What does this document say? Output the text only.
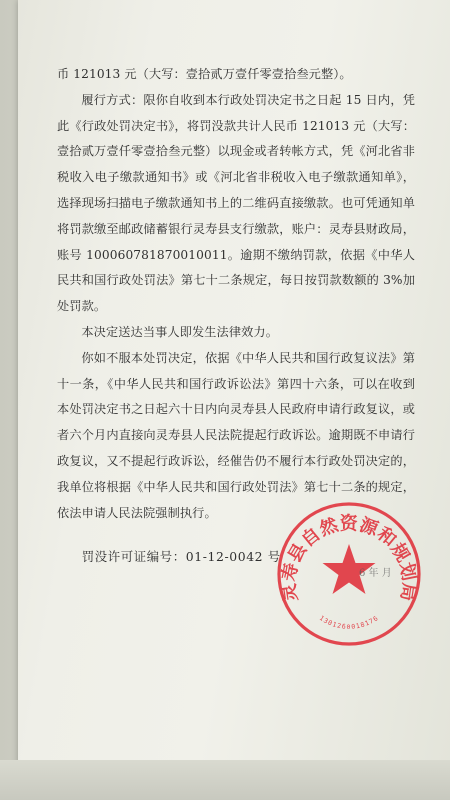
币 121013 元（大写：壹拾贰万壹仟零壹拾叁元整）。

履行方式：限你自收到本行政处罚决定书之日起 15 日内，凭此《行政处罚决定书》，将罚没款共计人民币 121013 元（大写：壹拾贰万壹仟零壹拾叁元整）以现金或者转帐方式，凭《河北省非税收入电子缴款通知书》或《河北省非税收入电子缴款通知单》，选择现场扫描电子缴款通知书上的二维码直接缴款。也可凭通知单将罚款缴至邮政储蓄银行灵寿县支行缴款，账户：灵寿县财政局，账号 100060781870010011。逾期不缴纳罚款，依据《中华人民共和国行政处罚法》第七十二条规定，每日按罚款数额的 3%加处罚款。

本决定送达当事人即发生法律效力。

你如不服本处罚决定，依据《中华人民共和国行政复议法》第十一条，《中华人民共和国行政诉讼法》第四十六条，可以在收到本处罚决定书之日起六十日内向灵寿县人民政府申请行政复议，或者六个月内直接向灵寿县人民法院提起行政诉讼。逾期既不申请行政复议，又不提起行政诉讼，经催告仍不履行本行政处罚决定的，我单位将根据《中华人民共和国行政处罚法》第七十二条的规定，依法申请人民法院强制执行。

罚没许可证编号：01-12-0042 号

灵寿县自然资源和规划局
1301260018176
6 年 月
